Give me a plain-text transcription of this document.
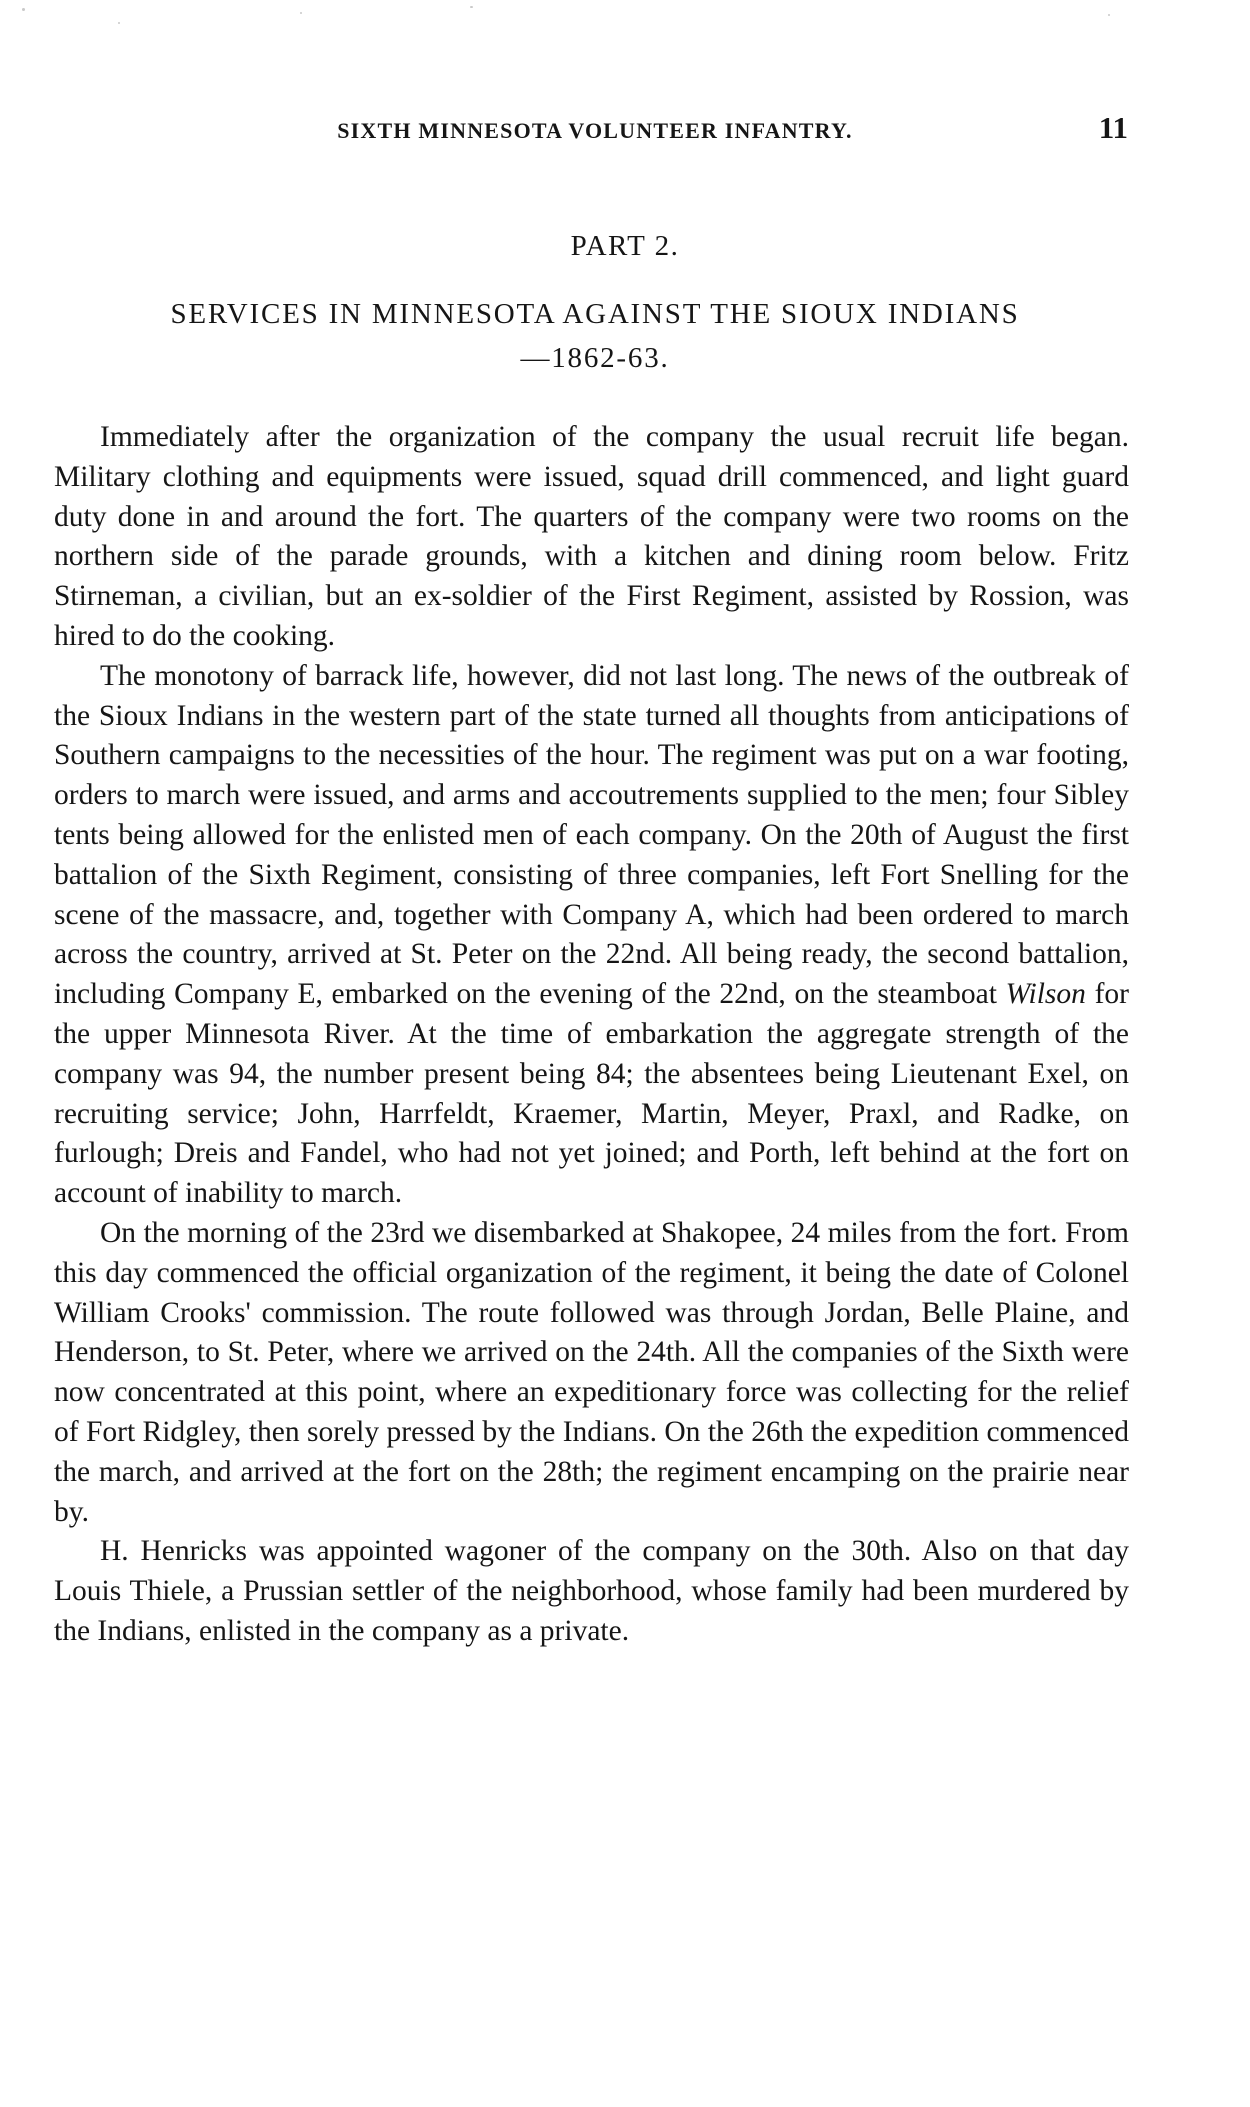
SIXTH MINNESOTA VOLUNTEER INFANTRY.	11
PART 2.
SERVICES IN MINNESOTA AGAINST THE SIOUX INDIANS
—1862-63.

Immediately after the organization of the company the usual recruit life began. Military clothing and equipments were issued, squad drill commenced, and light guard duty done in and around the fort. The quarters of the company were two rooms on the northern side of the parade grounds, with a kitchen and dining room below. Fritz Stirneman, a civilian, but an ex-soldier of the First Regiment, assisted by Rossion, was hired to do the cooking.

The monotony of barrack life, however, did not last long. The news of the outbreak of the Sioux Indians in the western part of the state turned all thoughts from anticipations of Southern campaigns to the necessities of the hour. The regiment was put on a war footing, orders to march were issued, and arms and accoutrements supplied to the men; four Sibley tents being allowed for the enlisted men of each company. On the 20th of August the first battalion of the Sixth Regiment, consisting of three companies, left Fort Snelling for the scene of the massacre, and, together with Company A, which had been ordered to march across the country, arrived at St. Peter on the 22nd. All being ready, the second battalion, including Company E, embarked on the evening of the 22nd, on the steamboat Wilson for the upper Minnesota River. At the time of embarkation the aggregate strength of the company was 94, the number present being 84; the absentees being Lieutenant Exel, on recruiting service; John, Harrfeldt, Kraemer, Martin, Meyer, Praxl, and Radke, on furlough; Dreis and Fandel, who had not yet joined; and Porth, left behind at the fort on account of inability to march.

On the morning of the 23rd we disembarked at Shakopee, 24 miles from the fort. From this day commenced the official organization of the regiment, it being the date of Colonel William Crooks' commission. The route followed was through Jordan, Belle Plaine, and Henderson, to St. Peter, where we arrived on the 24th. All the companies of the Sixth were now concentrated at this point, where an expeditionary force was collecting for the relief of Fort Ridgley, then sorely pressed by the Indians. On the 26th the expedition commenced the march, and arrived at the fort on the 28th; the regiment encamping on the prairie near by.

H. Henricks was appointed wagoner of the company on the 30th. Also on that day Louis Thiele, a Prussian settler of the neighborhood, whose family had been murdered by the Indians, enlisted in the company as a private.
